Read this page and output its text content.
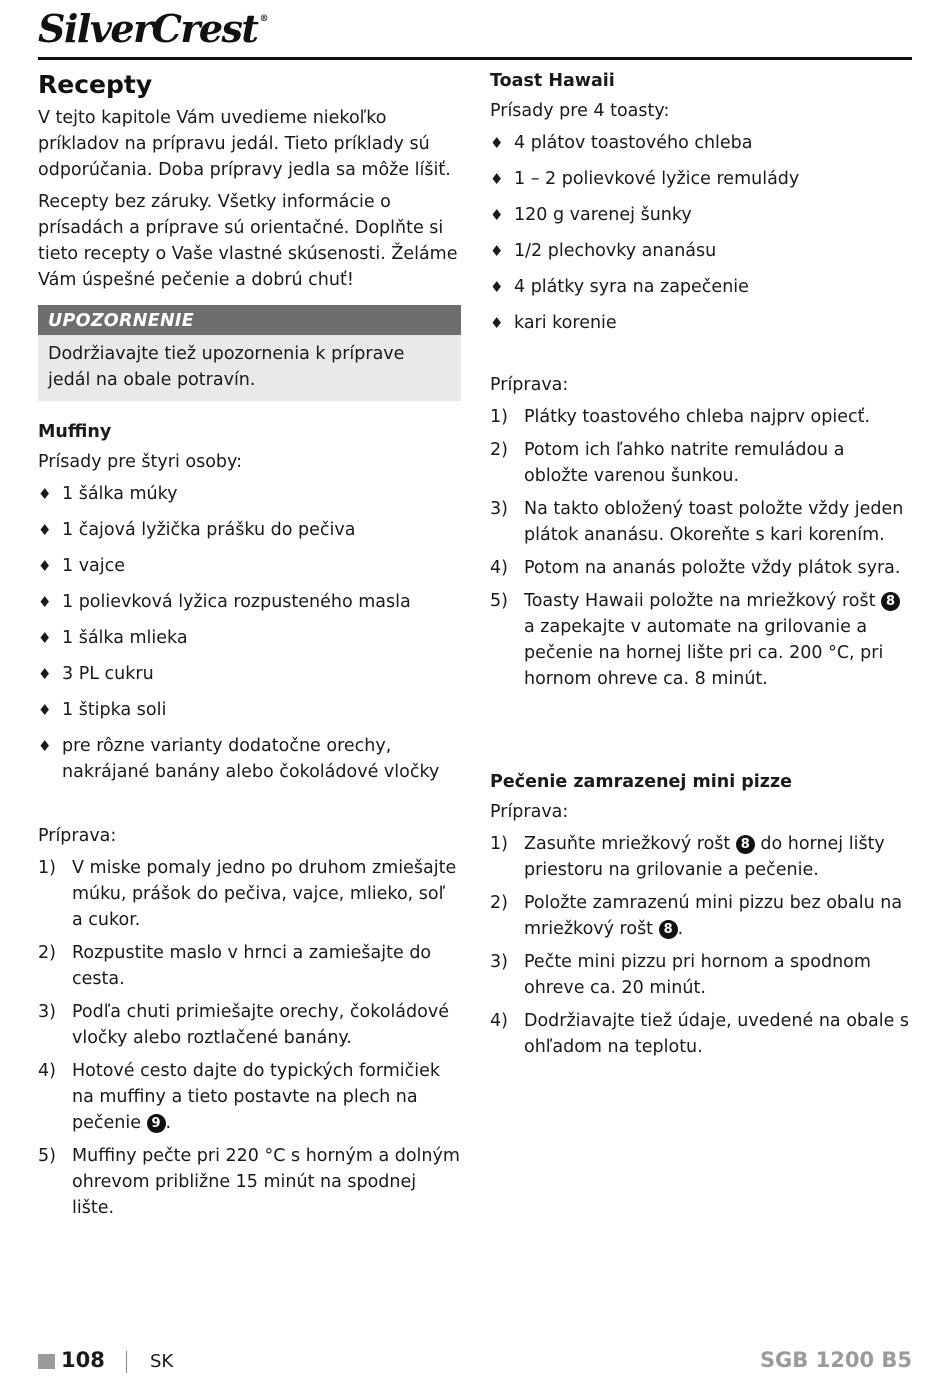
SilverCrest ®
Recepty

V tejto kapitole Vám uvedieme niekoľko príkladov na prípravu jedál. Tieto príklady sú odporúčania. Doba prípravy jedla sa môže líšiť.

Recepty bez záruky. Všetky informácie o prísadách a príprave sú orientačné. Doplňte si tieto recepty o Vaše vlastné skúsenosti. Želáme Vám úspešné pečenie a dobrú chuť!

UPOZORNENIE
Dodržiavajte tiež upozornenia k príprave jedál na obale potravín.
Muffiny

Prísady pre štyri osoby:

♦ 1 šálka múky
♦ 1 čajová lyžička prášku do pečiva
♦ 1 vajce
♦ 1 polievková lyžica rozpusteného masla
♦ 1 šálka mlieka
♦ 3 PL cukru
♦ 1 štipka soli
♦ pre rôzne varianty dodatočne orechy, nakrájané banány alebo čokoládové vločky

Príprava:

1) V miske pomaly jedno po druhom zmiešajte múku, prášok do pečiva, vajce, mlieko, soľ a cukor.
2) Rozpustite maslo v hrnci a zamiešajte do cesta.
3) Podľa chuti primiešajte orechy, čokoládové vločky alebo roztlačené banány.
4) Hotové cesto dajte do typických formičiek na muffiny a tieto postavte na plech na pečenie 9 .
5) Muffiny pečte pri 220 °C s horným a dolným ohrevom približne 15 minút na spodnej lište.
Toast Hawaii

Prísady pre 4 toasty:

♦ 4 plátov toastového chleba
♦ 1 – 2 polievkové lyžice remulády
♦ 120 g varenej šunky
♦ 1/2 plechovky ananásu
♦ 4 plátky syra na zapečenie
♦ kari korenie

Príprava:

1) Plátky toastového chleba najprv opiecť.
2) Potom ich ľahko natrite remuládou a obložte varenou šunkou.
3) Na takto obložený toast položte vždy jeden plátok ananásu. Okoreňte s kari korením.
4) Potom na ananás položte vždy plátok syra.
5) Toasty Hawaii položte na mriežkový rošt 8 a zapekajte v automate na grilovanie a pečenie na hornej lište pri ca. 200 °C, pri hornom ohreve ca. 8 minút.
Pečenie zamrazenej mini pizze

Príprava:

1) Zasuňte mriežkový rošt 8 do hornej lišty priestoru na grilovanie a pečenie.
2) Položte zamrazenú mini pizzu bez obalu na mriežkový rošt 8 .
3) Pečte mini pizzu pri hornom a spodnom ohreve ca. 20 minút.
4) Dodržiavajte tiež údaje, uvedené na obale s ohľadom na teplotu.
108	SK	SGB 1200 B5
